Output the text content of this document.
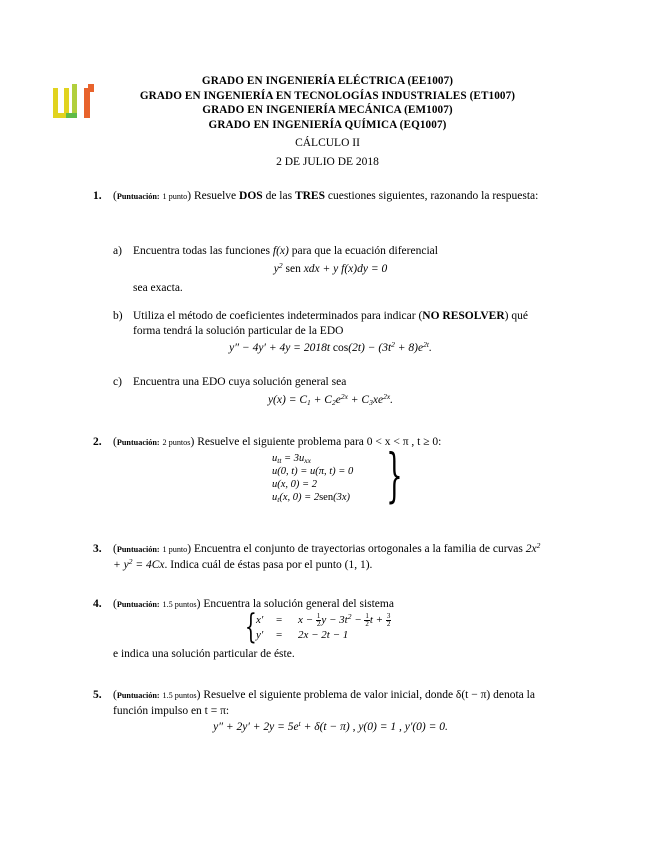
GRADO EN INGENIERÍA ELÉCTRICA (EE1007)
GRADO EN INGENIERÍA EN TECNOLOGÍAS INDUSTRIALES (ET1007)
GRADO EN INGENIERÍA MECÁNICA (EM1007)
GRADO EN INGENIERÍA QUÍMICA (EQ1007)
CÁLCULO II
2 DE JULIO DE 2018
1. (Puntuación: 1 punto) Resuelve DOS de las TRES cuestiones siguientes, razonando la respuesta:
a) Encuentra todas las funciones f(x) para que la ecuación diferencial
$y^2$ sen xdx + y f(x)dy = 0
sea exacta.
b) Utiliza el método de coeficientes indeterminados para indicar (NO RESOLVER) qué forma tendrá la solución particular de la EDO
y″ − 4y′ + 4y = 2018t $\cos(2t) - (3t^2 + 8)e^{2t}$.
c) Encuentra una EDO cuya solución general sea
$y(x) = C_1 + C_2e^{2x} + C_3xe^{2x}$.
2. (Puntuación: 2 puntos) Resuelve el siguiente problema para 0 < x < π , t ≥ 0:
$u_{tt} = 3u_{xx}$
u(0, t) = u(π, t) = 0
u(x, 0) = 2
$u_t(x$, 0) = 2sen(3x) }
3. (Puntuación: 1 punto) Encuentra el conjunto de trayectorias ortogonales a la familia de curvas $2x^2 + y^2 = 4Cx$. Indica cuál de éstas pasa por el punto (1, 1).
4. (Puntuación: 1.5 puntos) Encuentra la solución general del sistema
{ $x' = x - \frac{1}{2}$ $y - 3t^2 - \frac{1}{2}$ $t + \frac{3}{2}$
y′ = 2x − 2t − 1
e indica una solución particular de éste.
5. (Puntuación: 1.5 puntos) Resuelve el siguiente problema de valor inicial, donde δ(t − π) denota la función impulso en t = π:
$y'' + 2y' + 2y = 5e^t + \delta(t - \pi)$ , y(0) = 1 , y′(0) = 0.
